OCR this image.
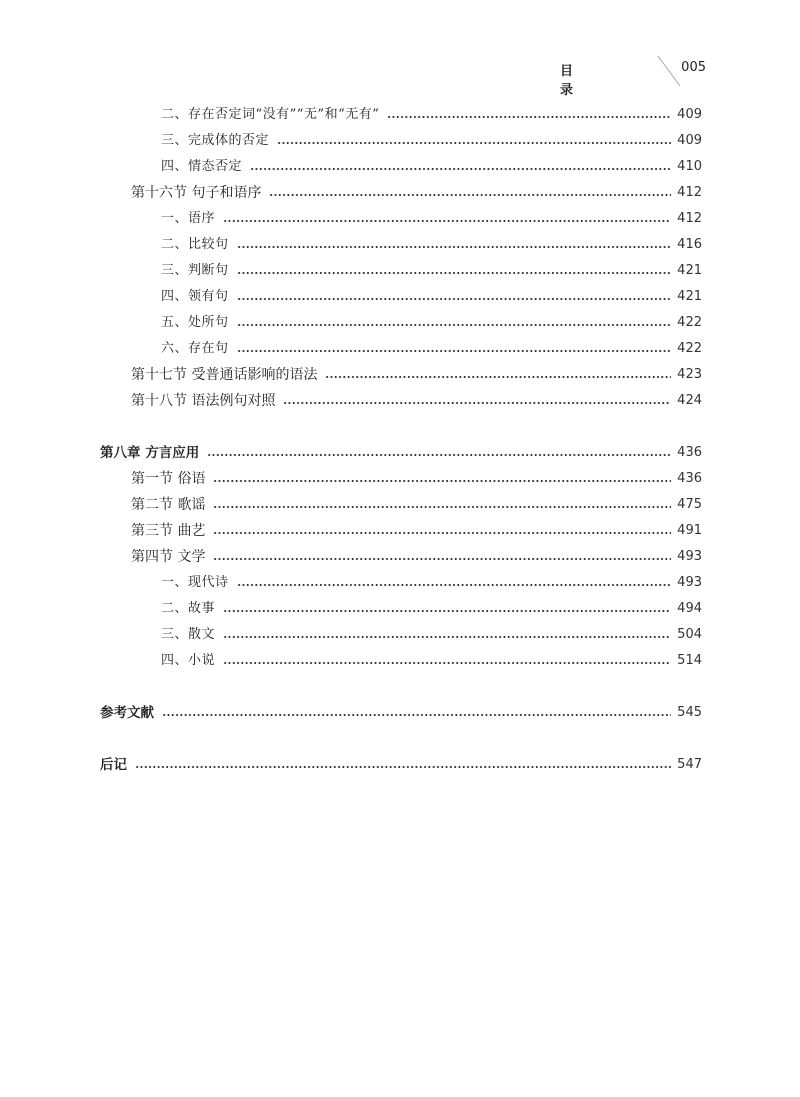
目 录
005
二、存在否定词“没有”“无”和“无有”	409
三、完成体的否定	409
四、情态否定	410
第十六节 句子和语序	412
一、语序	412
二、比较句	416
三、判断句	421
四、领有句	421
五、处所句	422
六、存在句	422
第十七节 受普通话影响的语法	423
第十八节 语法例句对照	424
第八章 方言应用	436
第一节 俗语	436
第二节 歌谣	475
第三节 曲艺	491
第四节 文学	493
一、现代诗	493
二、故事	494
三、散文	504
四、小说	514
参考文献	545
后记	547
